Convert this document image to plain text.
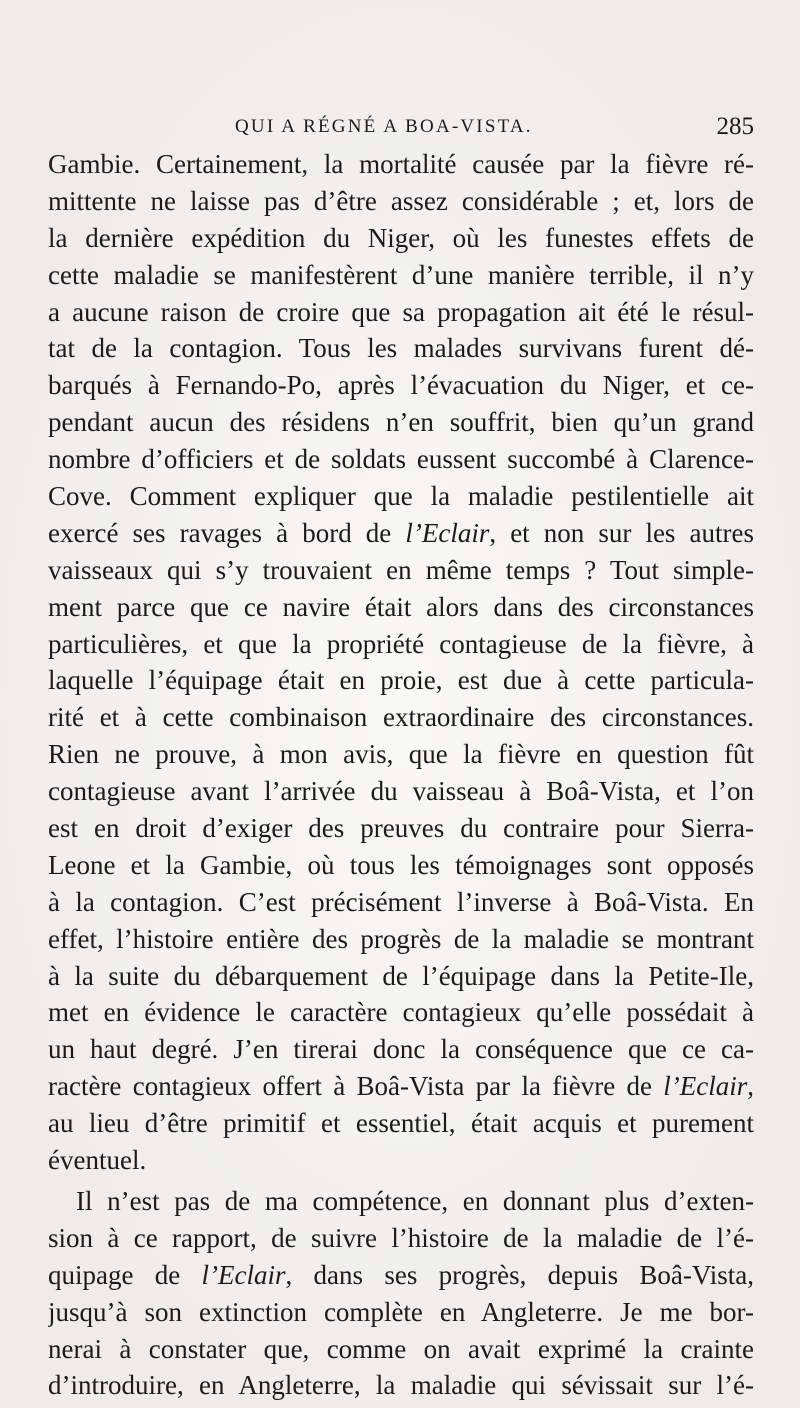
QUI A RÉGNÉ A BOA-VISTA.	285
Gambie. Certainement, la mortalité causée par la fièvre ré-
mittente ne laisse pas d’être assez considérable ; et, lors de
la dernière expédition du Niger, où les funestes effets de
cette maladie se manifestèrent d’une manière terrible, il n’y
a aucune raison de croire que sa propagation ait été le résul-
tat de la contagion. Tous les malades survivans furent dé-
barqués à Fernando-Po, après l’évacuation du Niger, et ce-
pendant aucun des résidens n’en souffrit, bien qu’un grand
nombre d’officiers et de soldats eussent succombé à Clarence-
Cove. Comment expliquer que la maladie pestilentielle ait
exercé ses ravages à bord de l’Eclair, et non sur les autres
vaisseaux qui s’y trouvaient en même temps ? Tout simple-
ment parce que ce navire était alors dans des circonstances
particulières, et que la propriété contagieuse de la fièvre, à
laquelle l’équipage était en proie, est due à cette particula-
rité et à cette combinaison extraordinaire des circonstances.
Rien ne prouve, à mon avis, que la fièvre en question fût
contagieuse avant l’arrivée du vaisseau à Boâ-Vista, et l’on
est en droit d’exiger des preuves du contraire pour Sierra-
Leone et la Gambie, où tous les témoignages sont opposés
à la contagion. C’est précisément l’inverse à Boâ-Vista. En
effet, l’histoire entière des progrès de la maladie se montrant
à la suite du débarquement de l’équipage dans la Petite-Ile,
met en évidence le caractère contagieux qu’elle possédait à
un haut degré. J’en tirerai donc la conséquence que ce ca-
ractère contagieux offert à Boâ-Vista par la fièvre de l’Eclair,
au lieu d’être primitif et essentiel, était acquis et purement
éventuel.
Il n’est pas de ma compétence, en donnant plus d’exten-
sion à ce rapport, de suivre l’histoire de la maladie de l’é-
quipage de l’Eclair, dans ses progrès, depuis Boâ-Vista,
jusqu’à son extinction complète en Angleterre. Je me bor-
nerai à constater que, comme on avait exprimé la crainte
d’introduire, en Angleterre, la maladie qui sévissait sur l’é-
